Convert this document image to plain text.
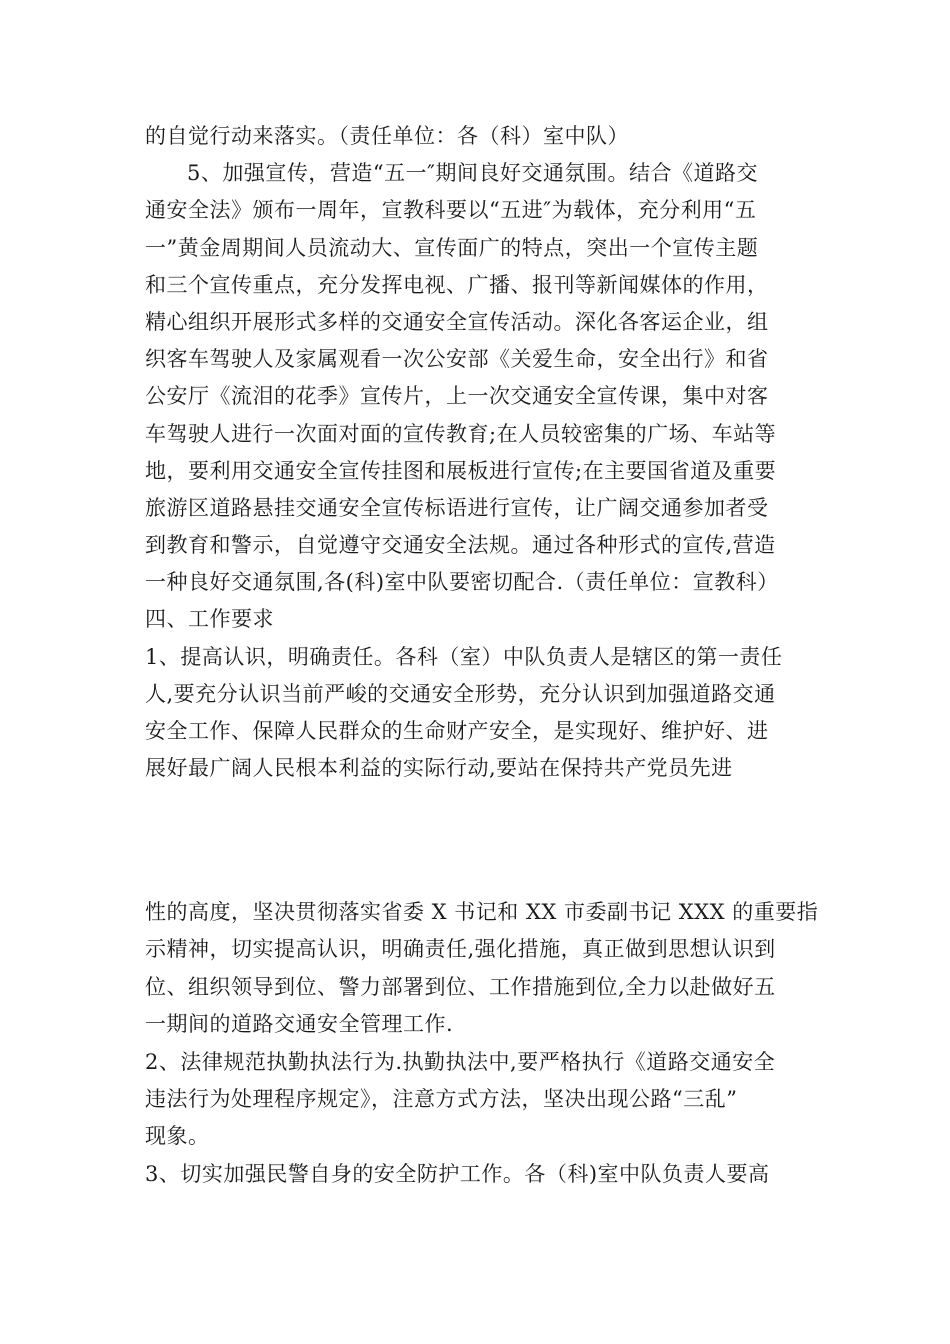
的自觉行动来落实。（责任单位：各（科）室中队）
5、加强宣传，营造“五一″期间良好交通氛围。结合《道路交
通安全法》颁布一周年，宣教科要以“五进″为载体，充分利用“五
一”黄金周期间人员流动大、宣传面广的特点，突出一个宣传主题
和三个宣传重点，充分发挥电视、广播、报刊等新闻媒体的作用，
精心组织开展形式多样的交通安全宣传活动。深化各客运企业，组
织客车驾驶人及家属观看一次公安部《关爱生命，安全出行》和省
公安厅《流泪的花季》宣传片，上一次交通安全宣传课，集中对客
车驾驶人进行一次面对面的宣传教育;在人员较密集的广场、车站等
地，要利用交通安全宣传挂图和展板进行宣传;在主要国省道及重要
旅游区道路悬挂交通安全宣传标语进行宣传，让广阔交通参加者受
到教育和警示，自觉遵守交通安全法规。通过各种形式的宣传,营造
一种良好交通氛围,各(科)室中队要密切配合.（责任单位：宣教科）
四、工作要求
1、提高认识，明确责任。各科（室）中队负责人是辖区的第一责任
人,要充分认识当前严峻的交通安全形势，充分认识到加强道路交通
安全工作、保障人民群众的生命财产安全，是实现好、维护好、进
展好最广阔人民根本利益的实际行动,要站在保持共产党员先进
性的高度，坚决贯彻落实省委 X 书记和 XX 市委副书记 XXX 的重要指
示精神，切实提高认识，明确责任,强化措施，真正做到思想认识到
位、组织领导到位、警力部署到位、工作措施到位,全力以赴做好五
一期间的道路交通安全管理工作.
2、法律规范执勤执法行为.执勤执法中,要严格执行《道路交通安全
违法行为处理程序规定》，注意方式方法，坚决出现公路“三乱”
现象。
3、切实加强民警自身的安全防护工作。各（科)室中队负责人要高
